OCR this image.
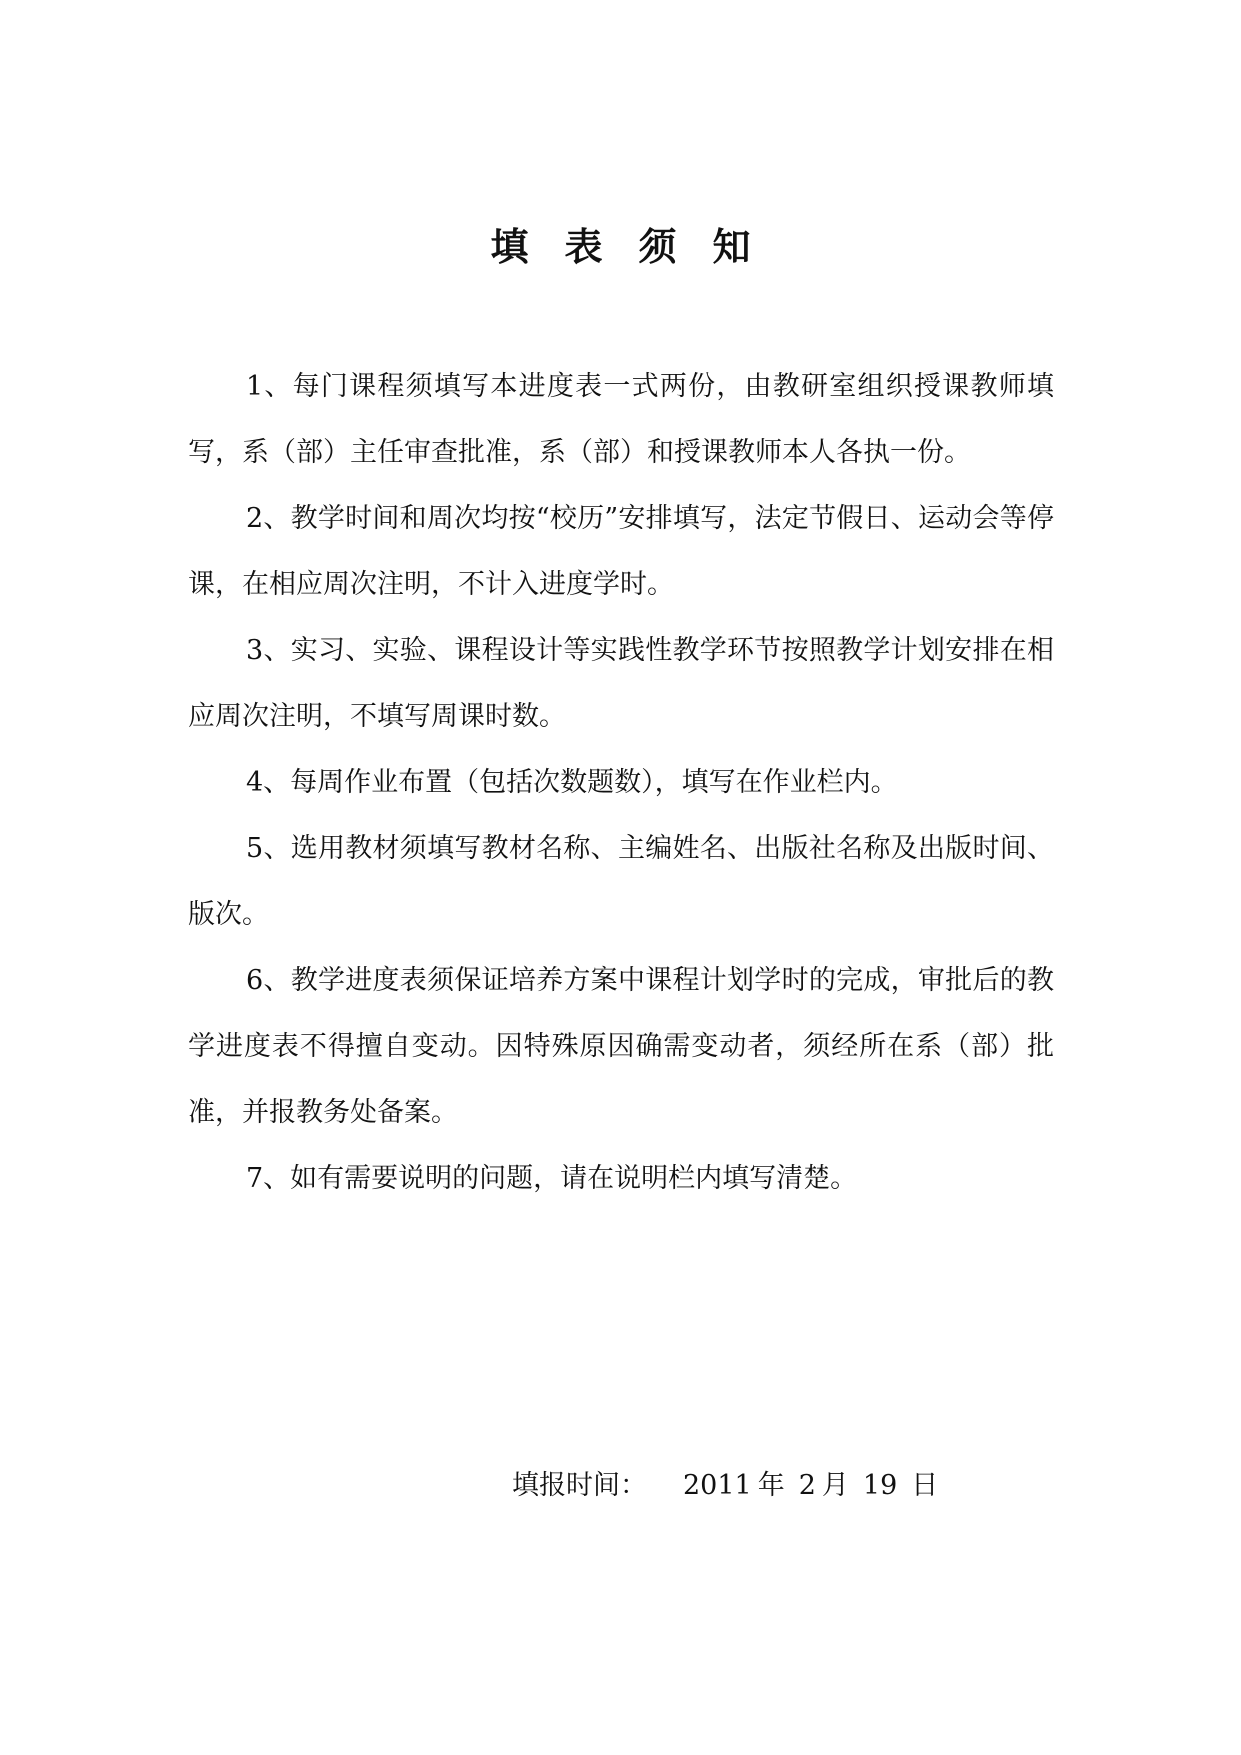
填表须知

1、每门课程须填写本进度表一式两份，由教研室组织授课教师填写，系（部）主任审查批准，系（部）和授课教师本人各执一份。

2、教学时间和周次均按“校历”安排填写，法定节假日、运动会等停课，在相应周次注明，不计入进度学时。

3、实习、实验、课程设计等实践性教学环节按照教学计划安排在相应周次注明，不填写周课时数。

4、每周作业布置（包括次数题数），填写在作业栏内。

5、选用教材须填写教材名称、主编姓名、出版社名称及出版时间、版次。

6、教学进度表须保证培养方案中课程计划学时的完成，审批后的教学进度表不得擅自变动。因特殊原因确需变动者，须经所在系（部）批准，并报教务处备案。

7、如有需要说明的问题，请在说明栏内填写清楚。

填报时间： 2011 年 2 月 19 日
